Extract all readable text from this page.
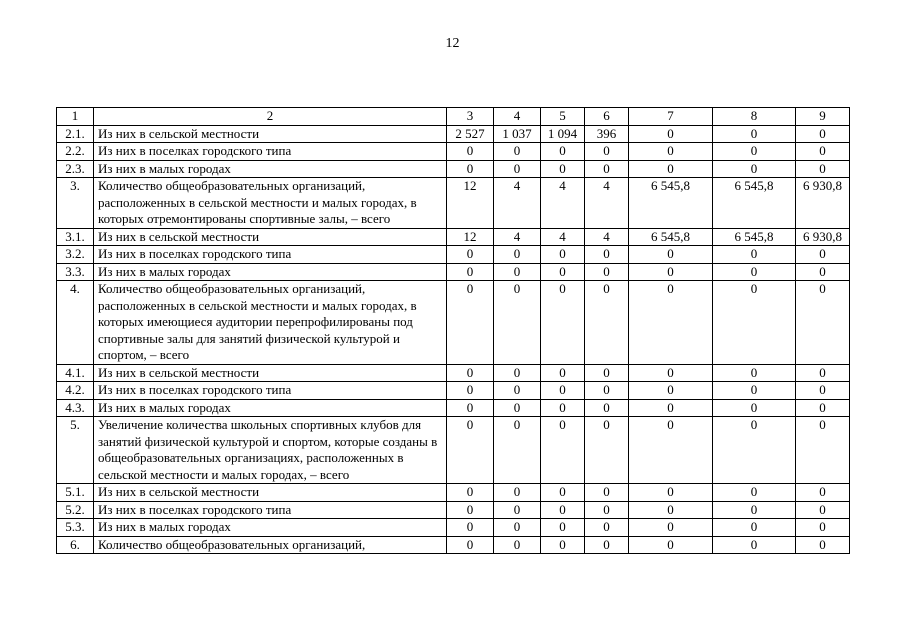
12
1	2	3	4	5	6	7	8	9
2.1.	Из них в сельской местности	2 527	1 037	1 094	396	0	0	0
2.2.	Из них в поселках городского типа	0	0	0	0	0	0	0
2.3.	Из них в малых городах	0	0	0	0	0	0	0
3.	Количество общеобразовательных организаций, расположенных в сельской местности и малых городах, в которых отремонтированы спортивные залы, – всего	12	4	4	4	6 545,8	6 545,8	6 930,8
3.1.	Из них в сельской местности	12	4	4	4	6 545,8	6 545,8	6 930,8
3.2.	Из них в поселках городского типа	0	0	0	0	0	0	0
3.3.	Из них в малых городах	0	0	0	0	0	0	0
4.	Количество общеобразовательных организаций, расположенных в сельской местности и малых городах, в которых имеющиеся аудитории перепрофилированы под спортивные залы для занятий физической культурой и спортом, – всего	0	0	0	0	0	0	0
4.1.	Из них в сельской местности	0	0	0	0	0	0	0
4.2.	Из них в поселках городского типа	0	0	0	0	0	0	0
4.3.	Из них в малых городах	0	0	0	0	0	0	0
5.	Увеличение количества школьных спортивных клубов для занятий физической культурой и спортом, которые созданы в общеобразовательных организациях, расположенных в сельской местности и малых городах, – всего	0	0	0	0	0	0	0
5.1.	Из них в сельской местности	0	0	0	0	0	0	0
5.2.	Из них в поселках городского типа	0	0	0	0	0	0	0
5.3.	Из них в малых городах	0	0	0	0	0	0	0
6.	Количество общеобразовательных организаций,	0	0	0	0	0	0	0
